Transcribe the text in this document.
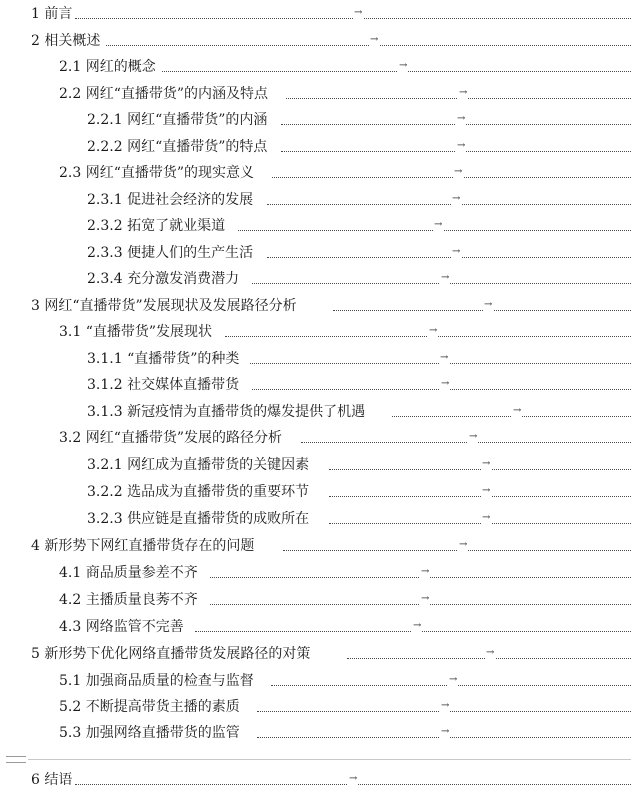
→
1 前言
→
2 相关概述
→
2.1 网红的概念
→
2.2 网红“直播带货”的内涵及特点
→
2.2.1 网红“直播带货”的内涵
→
2.2.2 网红“直播带货”的特点
→
2.3 网红“直播带货”的现实意义
→
2.3.1 促进社会经济的发展
→
2.3.2 拓宽了就业渠道
→
2.3.3 便捷人们的生产生活
→
2.3.4 充分激发消费潜力
→
3 网红“直播带货”发展现状及发展路径分析
→
3.1 “直播带货”发展现状
→
3.1.1 “直播带货”的种类
→
3.1.2 社交媒体直播带货
→
3.1.3 新冠疫情为直播带货的爆发提供了机遇
→
3.2 网红“直播带货”发展的路径分析
→
3.2.1 网红成为直播带货的关键因素
→
3.2.2 选品成为直播带货的重要环节
→
3.2.3 供应链是直播带货的成败所在
→
4 新形势下网红直播带货存在的问题
→
4.1 商品质量参差不齐
→
4.2 主播质量良莠不齐
→
4.3 网络监管不完善
→
5 新形势下优化网络直播带货发展路径的对策
→
5.1 加强商品质量的检查与监督
→
5.2 不断提高带货主播的素质
→
5.3 加强网络直播带货的监管
→
6 结语
